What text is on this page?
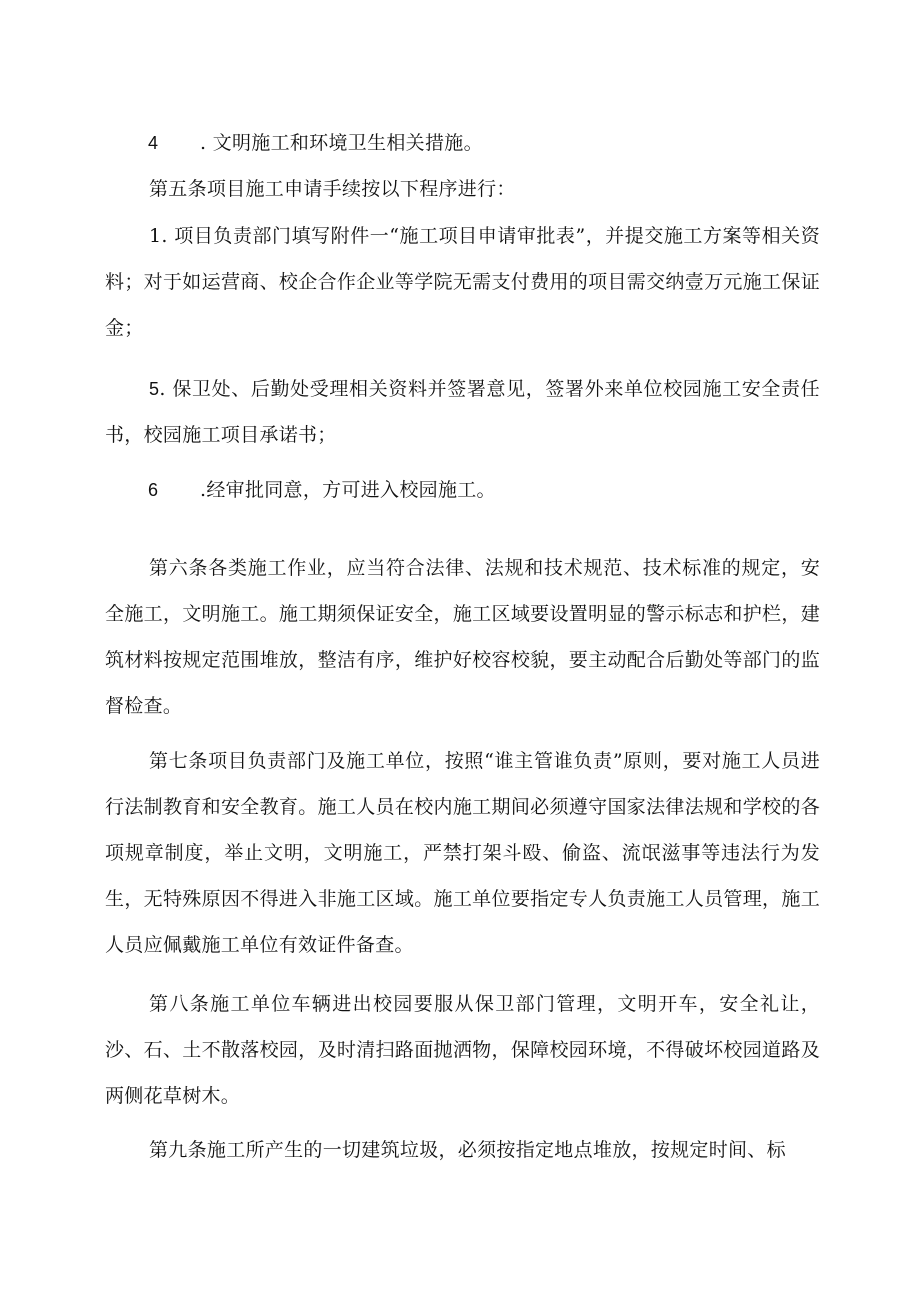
4 . 文明施工和环境卫生相关措施。

第五条项目施工申请手续按以下程序进行：

1. 项目负责部门填写附件一“施工项目申请审批表”，并提交施工方案等相关资料；对于如运营商、校企合作企业等学院无需支付费用的项目需交纳壹万元施工保证金；

5. 保卫处、后勤处受理相关资料并签署意见，签署外来单位校园施工安全责任书，校园施工项目承诺书；

6 .经审批同意，方可进入校园施工。

第六条各类施工作业，应当符合法律、法规和技术规范、技术标准的规定，安全施工，文明施工。施工期须保证安全，施工区域要设置明显的警示标志和护栏，建筑材料按规定范围堆放，整洁有序，维护好校容校貌，要主动配合后勤处等部门的监督检查。

第七条项目负责部门及施工单位，按照“谁主管谁负责”原则，要对施工人员进行法制教育和安全教育。施工人员在校内施工期间必须遵守国家法律法规和学校的各项规章制度，举止文明，文明施工，严禁打架斗殴、偷盗、流氓滋事等违法行为发生，无特殊原因不得进入非施工区域。施工单位要指定专人负责施工人员管理，施工人员应佩戴施工单位有效证件备查。

第八条施工单位车辆进出校园要服从保卫部门管理，文明开车，安全礼让，沙、石、土不散落校园，及时清扫路面抛洒物，保障校园环境，不得破坏校园道路及两侧花草树木。

第九条施工所产生的一切建筑垃圾，必须按指定地点堆放，按规定时间、标
